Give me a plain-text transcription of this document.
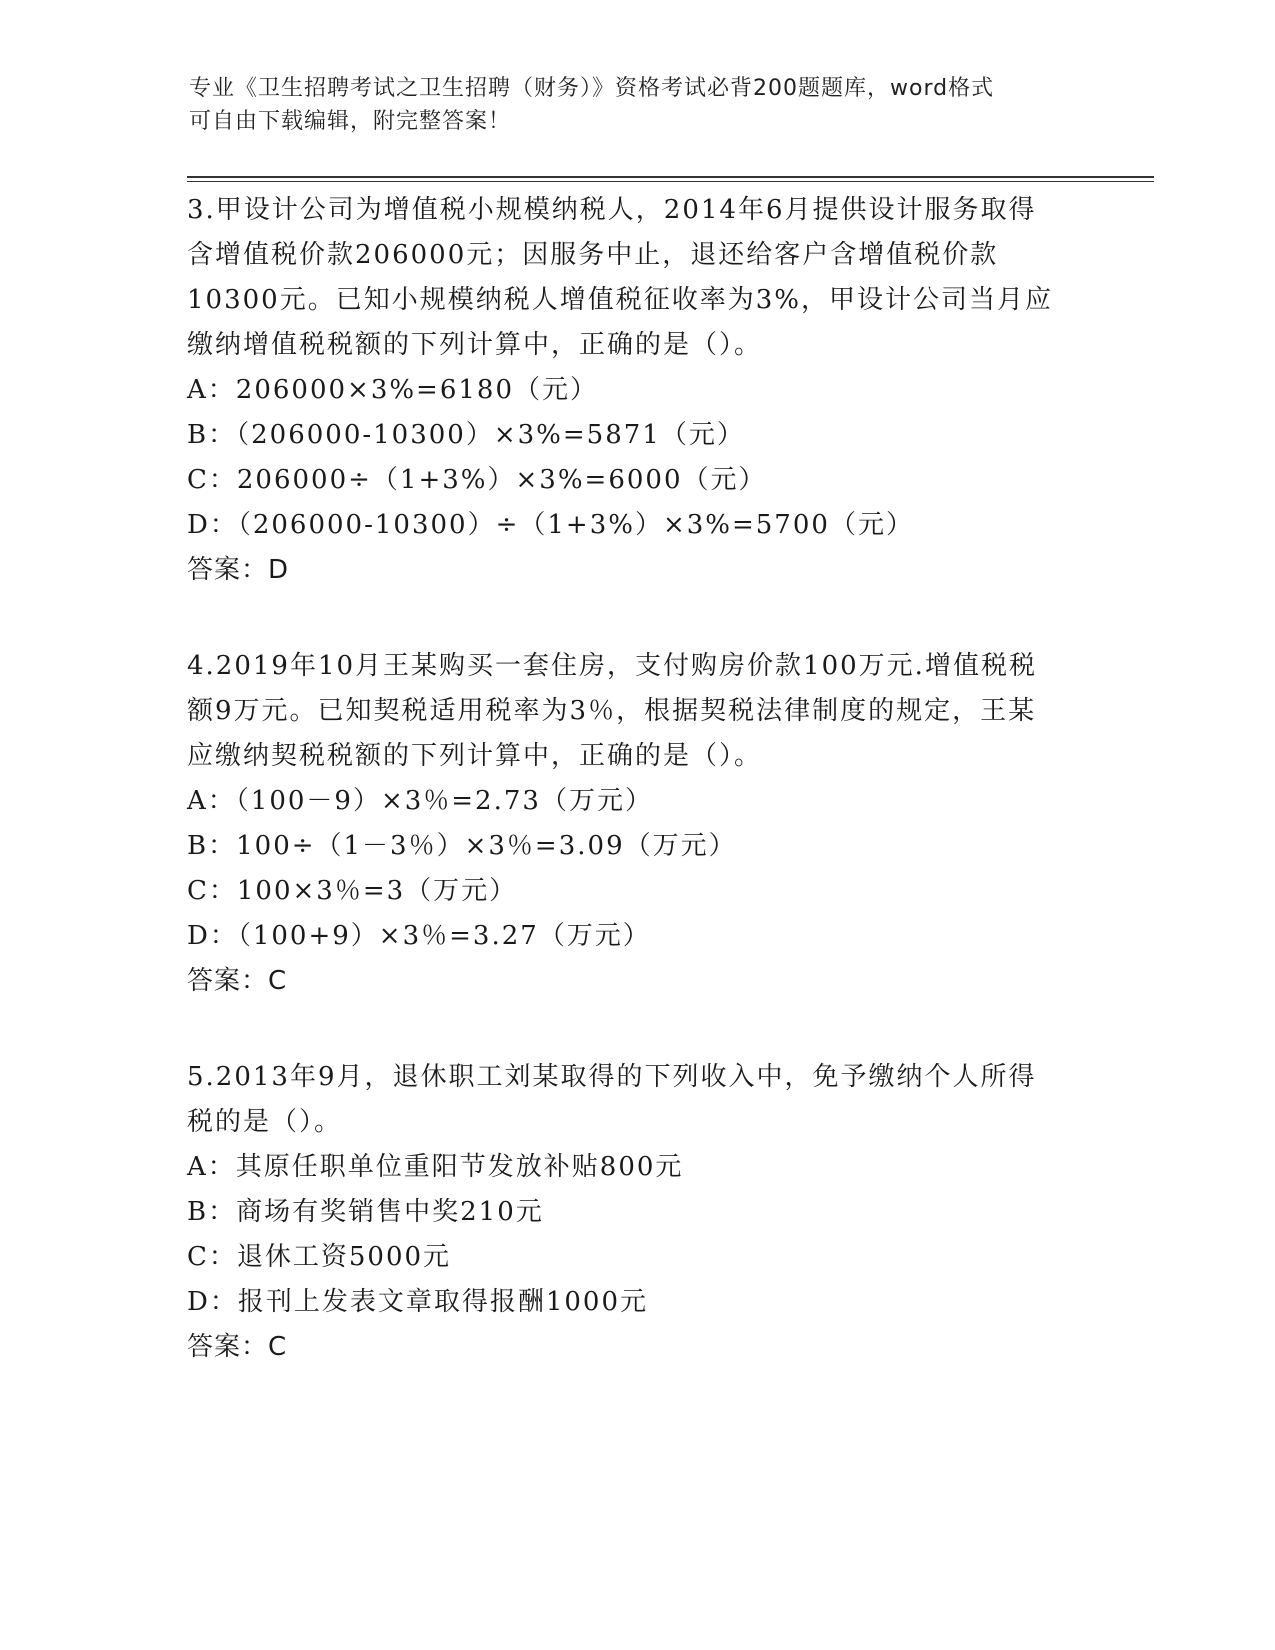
专业《卫生招聘考试之卫生招聘（财务）》资格考试必背200题题库，word格式
可自由下载编辑，附完整答案！

3.甲设计公司为增值税小规模纳税人，2014年6月提供设计服务取得

含增值税价款206000元；因服务中止，退还给客户含增值税价款

10300元。已知小规模纳税人增值税征收率为3%，甲设计公司当月应

缴纳增值税税额的下列计算中，正确的是（）。

A：206000×3%=6180（元）

B：（206000-10300）×3%=5871（元）

C：206000÷（1+3%）×3%=6000（元）

D：（206000-10300）÷（1+3%）×3%=5700（元）

答案：D

4.2019年10月王某购买一套住房，支付购房价款100万元.增值税税

额9万元。已知契税适用税率为3％，根据契税法律制度的规定，王某

应缴纳契税税额的下列计算中，正确的是（）。

A：（100－9）×3％=2.73（万元）

B：100÷（1－3％）×3％=3.09（万元）

C：100×3％=3（万元）

D：（100+9）×3％=3.27（万元）

答案：C

5.2013年9月，退休职工刘某取得的下列收入中，免予缴纳个人所得

税的是（）。

A：其原任职单位重阳节发放补贴800元

B：商场有奖销售中奖210元

C：退休工资5000元

D：报刊上发表文章取得报酬1000元

答案：C
